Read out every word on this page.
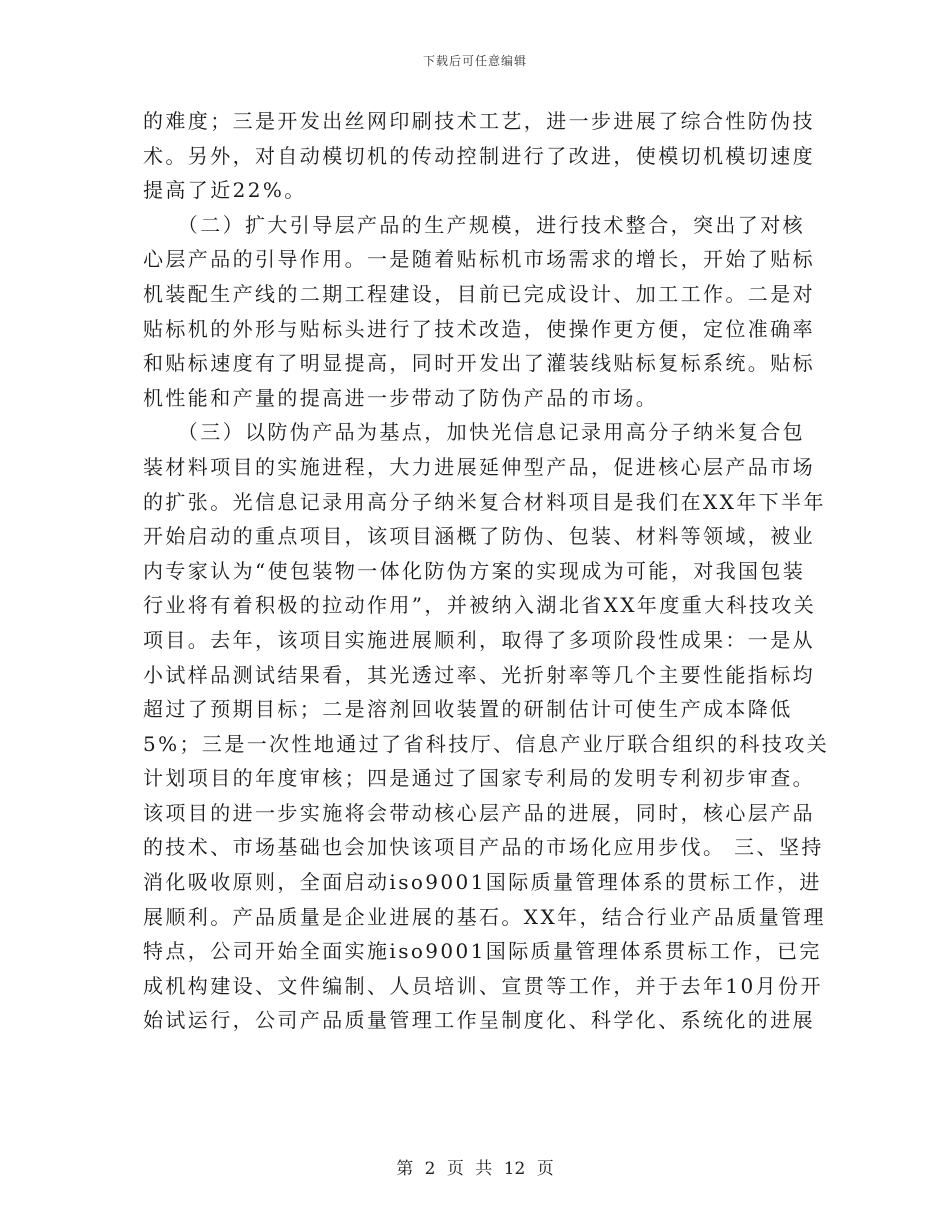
下载后可任意编辑
的难度；三是开发出丝网印刷技术工艺，进一步进展了综合性防伪技
术。另外，对自动模切机的传动控制进行了改进，使模切机模切速度
提高了近22%。
　　（二）扩大引导层产品的生产规模，进行技术整合，突出了对核
心层产品的引导作用。一是随着贴标机市场需求的增长，开始了贴标
机装配生产线的二期工程建设，目前已完成设计、加工工作。二是对
贴标机的外形与贴标头进行了技术改造，使操作更方便，定位准确率
和贴标速度有了明显提高，同时开发出了灌装线贴标复标系统。贴标
机性能和产量的提高进一步带动了防伪产品的市场。
　　（三）以防伪产品为基点，加快光信息记录用高分子纳米复合包
装材料项目的实施进程，大力进展延伸型产品，促进核心层产品市场
的扩张。光信息记录用高分子纳米复合材料项目是我们在XX年下半年
开始启动的重点项目，该项目涵概了防伪、包装、材料等领域，被业
内专家认为“使包装物一体化防伪方案的实现成为可能，对我国包装
行业将有着积极的拉动作用”，并被纳入湖北省XX年度重大科技攻关
项目。去年，该项目实施进展顺利，取得了多项阶段性成果：一是从
小试样品测试结果看，其光透过率、光折射率等几个主要性能指标均
超过了预期目标；二是溶剂回收装置的研制估计可使生产成本降低
5%；三是一次性地通过了省科技厅、信息产业厅联合组织的科技攻关
计划项目的年度审核；四是通过了国家专利局的发明专利初步审查。
该项目的进一步实施将会带动核心层产品的进展，同时，核心层产品
的技术、市场基础也会加快该项目产品的市场化应用步伐。 三、坚持
消化吸收原则，全面启动iso9001国际质量管理体系的贯标工作，进
展顺利。产品质量是企业进展的基石。XX年，结合行业产品质量管理
特点，公司开始全面实施iso9001国际质量管理体系贯标工作，已完
成机构建设、文件编制、人员培训、宣贯等工作，并于去年10月份开
始试运行，公司产品质量管理工作呈制度化、科学化、系统化的进展
第 2 页 共 12 页
